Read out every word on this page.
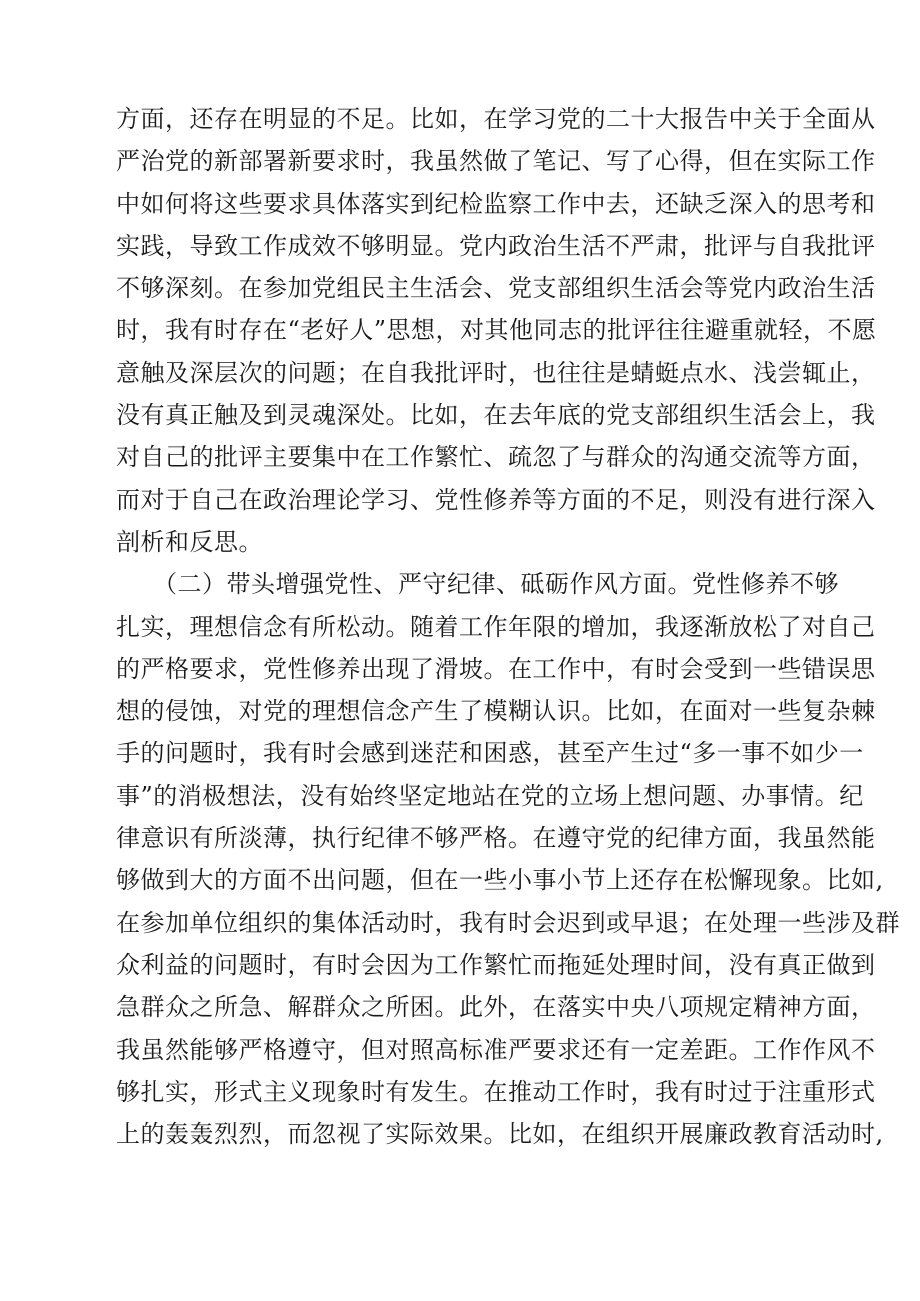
方面，还存在明显的不足。比如，在学习党的二十大报告中关于全面从
严治党的新部署新要求时，我虽然做了笔记、写了心得，但在实际工作
中如何将这些要求具体落实到纪检监察工作中去，还缺乏深入的思考和
实践，导致工作成效不够明显。党内政治生活不严肃，批评与自我批评
不够深刻。在参加党组民主生活会、党支部组织生活会等党内政治生活
时，我有时存在“老好人”思想，对其他同志的批评往往避重就轻，不愿
意触及深层次的问题；在自我批评时，也往往是蜻蜓点水、浅尝辄止，
没有真正触及到灵魂深处。比如，在去年底的党支部组织生活会上，我
对自己的批评主要集中在工作繁忙、疏忽了与群众的沟通交流等方面，
而对于自己在政治理论学习、党性修养等方面的不足，则没有进行深入
剖析和反思。
　　（二）带头增强党性、严守纪律、砥砺作风方面。党性修养不够
扎实，理想信念有所松动。随着工作年限的增加，我逐渐放松了对自己
的严格要求，党性修养出现了滑坡。在工作中，有时会受到一些错误思
想的侵蚀，对党的理想信念产生了模糊认识。比如，在面对一些复杂棘
手的问题时，我有时会感到迷茫和困惑，甚至产生过“多一事不如少一
事”的消极想法，没有始终坚定地站在党的立场上想问题、办事情。纪
律意识有所淡薄，执行纪律不够严格。在遵守党的纪律方面，我虽然能
够做到大的方面不出问题，但在一些小事小节上还存在松懈现象。比如,
在参加单位组织的集体活动时，我有时会迟到或早退；在处理一些涉及群
众利益的问题时，有时会因为工作繁忙而拖延处理时间，没有真正做到
急群众之所急、解群众之所困。此外，在落实中央八项规定精神方面，
我虽然能够严格遵守，但对照高标准严要求还有一定差距。工作作风不
够扎实，形式主义现象时有发生。在推动工作时，我有时过于注重形式
上的轰轰烈烈，而忽视了实际效果。比如，在组织开展廉政教育活动时,
